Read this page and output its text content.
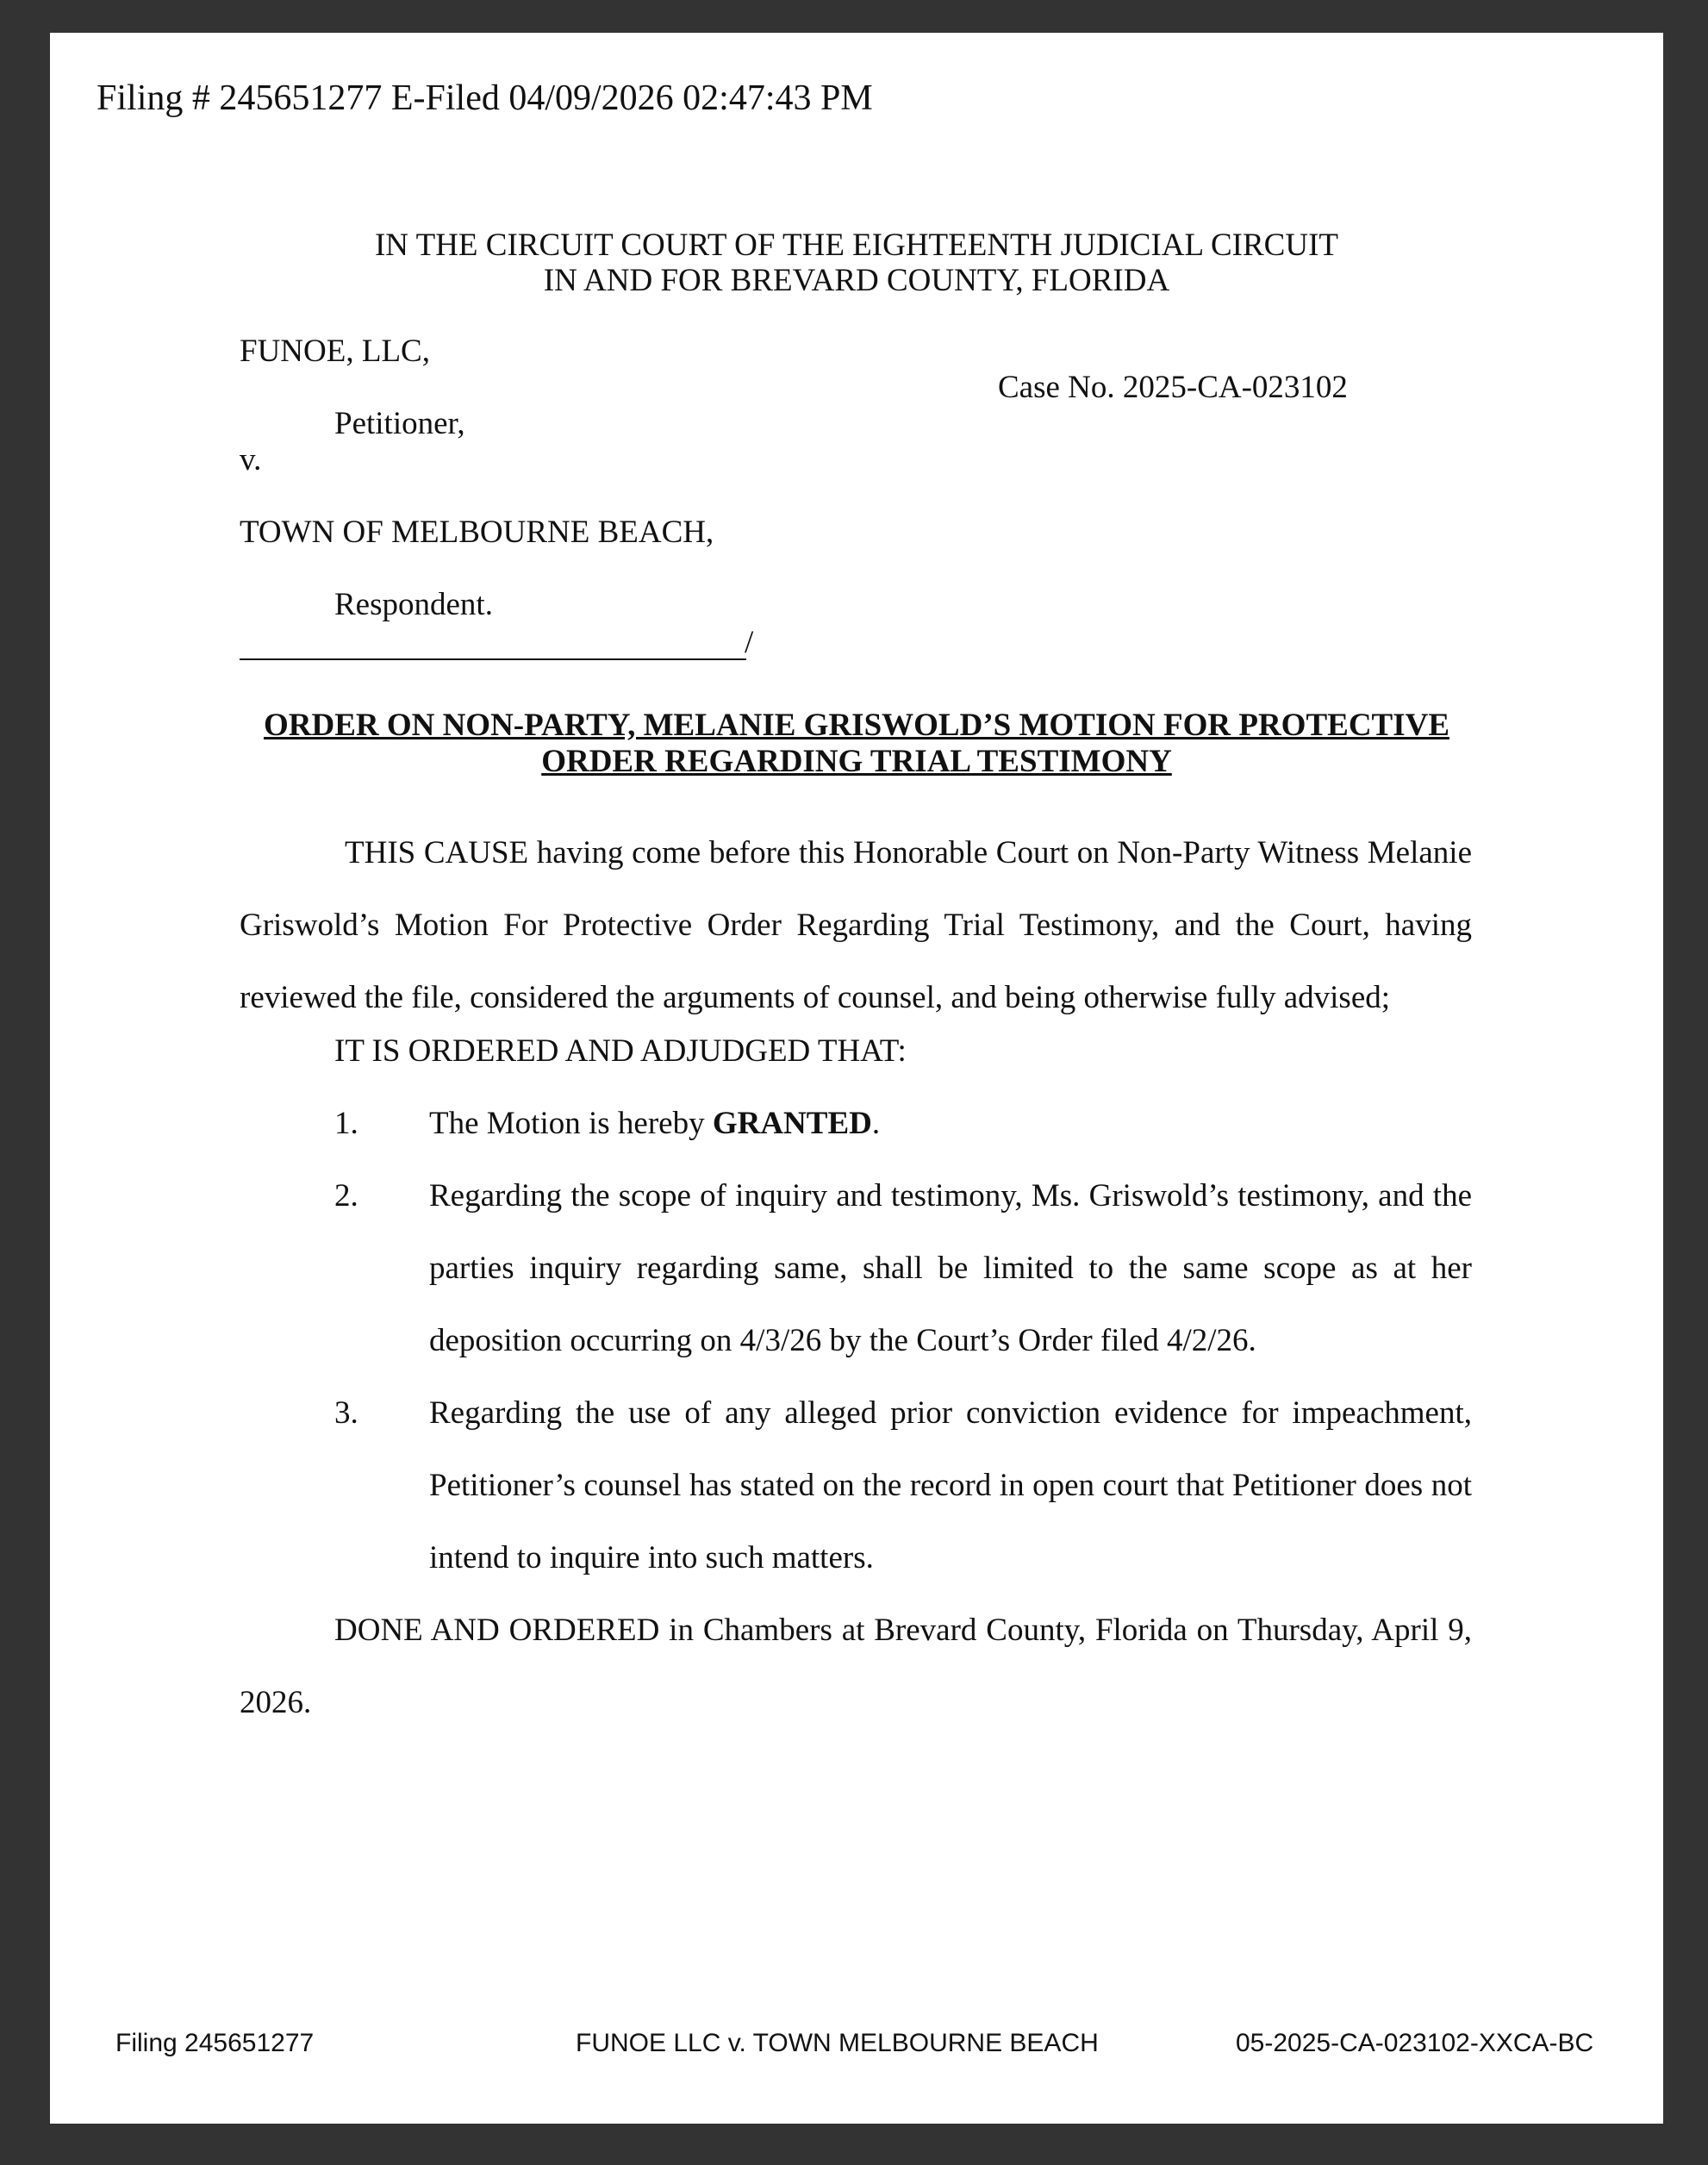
Filing # 245651277 E-Filed 04/09/2026 02:47:43 PM
IN THE CIRCUIT COURT OF THE EIGHTEENTH JUDICIAL CIRCUIT
IN AND FOR BREVARD COUNTY, FLORIDA
FUNOE, LLC,
Case No. 2025-CA-023102
Petitioner,
v.
TOWN OF MELBOURNE BEACH,
Respondent.
/
ORDER ON NON-PARTY, MELANIE GRISWOLD’S MOTION FOR PROTECTIVE
ORDER REGARDING TRIAL TESTIMONY
THIS CAUSE having come before this Honorable Court on Non-Party Witness Melanie
Griswold’s Motion For Protective Order Regarding Trial Testimony, and the Court, having
reviewed the file, considered the arguments of counsel, and being otherwise fully advised;
IT IS ORDERED AND ADJUDGED THAT:
1. The Motion is hereby GRANTED.
2. Regarding the scope of inquiry and testimony, Ms. Griswold’s testimony, and the
parties inquiry regarding same, shall be limited to the same scope as at her
deposition occurring on 4/3/26 by the Court’s Order filed 4/2/26.
3. Regarding the use of any alleged prior conviction evidence for impeachment,
Petitioner’s counsel has stated on the record in open court that Petitioner does not
intend to inquire into such matters.
DONE AND ORDERED in Chambers at Brevard County, Florida on Thursday, April 9,
2026.
Filing 245651277	FUNOE LLC v. TOWN MELBOURNE BEACH	05-2025-CA-023102-XXCA-BC
